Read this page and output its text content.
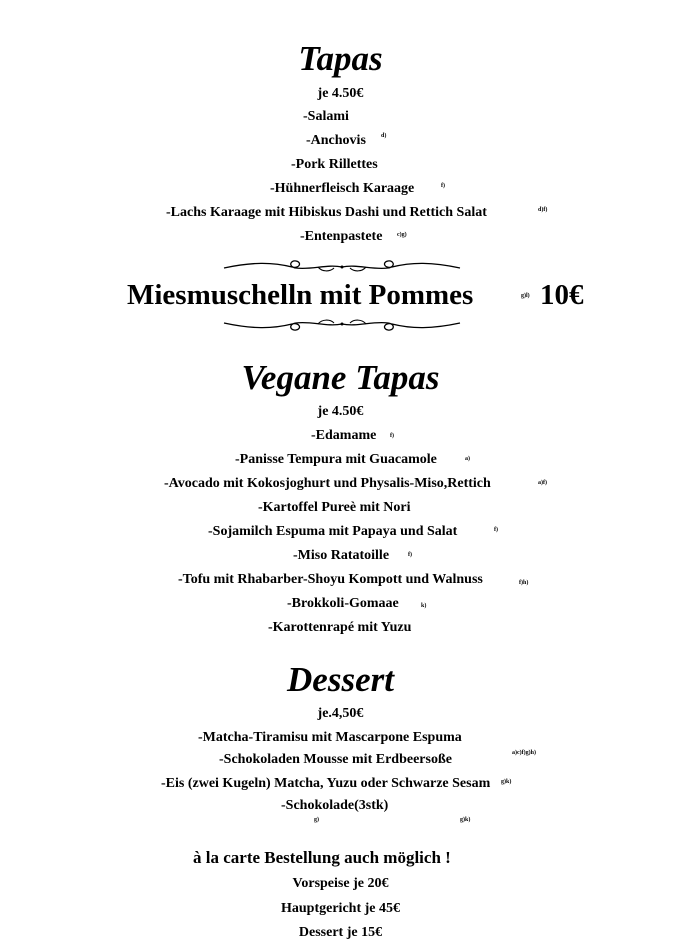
Tapas
je 4.50€
-Salami
-Anchovis	d)
-Pork Rillettes
-Hühnerfleisch Karaage	f)
-Lachs Karaage mit Hibiskus Dashi und Rettich Salat	d)f)
-Entenpastete c)g)
Miesmuschelln mit Pommes	g)l) 10€
Vegane Tapas
je 4.50€
-Edamame f)
-Panisse Tempura mit Guacamole	a)
-Avocado mit Kokosjoghurt und Physalis-Miso,Rettich	a)f)
-Kartoffel Pureè mit Nori
-Sojamilch Espuma mit Papaya und Salat	f)
-Miso Ratatoille	f)
-Tofu mit Rhabarber-Shoyu Kompott und Walnuss	f)h)
-Brokkoli-Gomaae	k)
-Karottenrapé mit Yuzu
Dessert
je.4,50€
-Matcha-Tiramisu mit Mascarpone Espuma
-Schokoladen Mousse mit Erdbeersoße	a)c)f)g)h)
-Eis (zwei Kugeln) Matcha, Yuzu oder Schwarze Sesam g)k)
-Schokolade(3stk)
g)	g)k)
à la carte Bestellung auch möglich !
Vorspeise je 20€
Hauptgericht je 45€
Dessert je 15€
